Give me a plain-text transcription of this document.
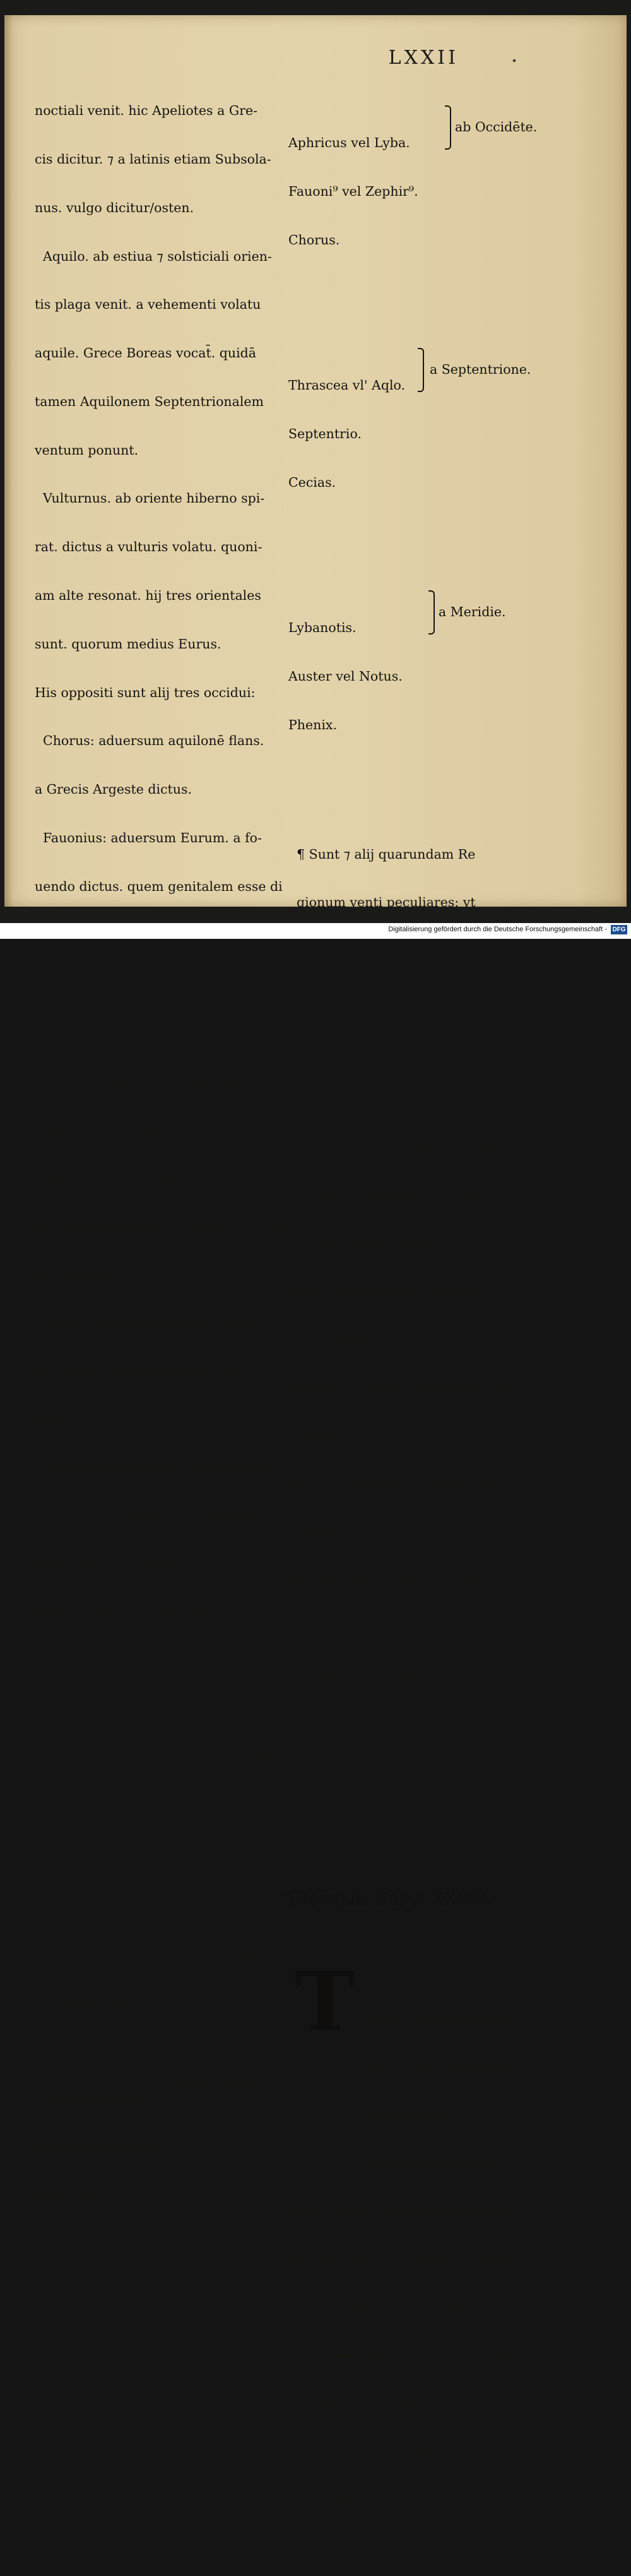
LXXII

noctiali venit. hic Apeliotes a Gre-

cis dicitur. ⁊ a latinis etiam Subsola-

nus. vulgo dicitur/osten.

Aquilo. ab estiua ⁊ solsticiali orien-

tis plaga venit. a vehementi volatu

aquile. Grece Boreas vocat̄. quidā

tamen Aquilonem Septentrionalem

ventum ponunt.

Vulturnus. ab oriente hiberno spi-

rat. dictus a vulturis volatu. quoni-

am alte resonat. hij tres orientales

sunt. quorum medius Eurus.

His oppositi sunt alij tres occidui:

Chorus: aduersum aquilonē flans.

a Grecis Argeste dictus.

Fauonius: aduersum Eurum. a fo-

uendo dictus. quem genitalem esse di

phirus dicitur.

Aphricus: aduersus Vulturnum.

Greci Lyba appellant. Hij vulgo di

cuntur/westen. Hoc modo due iste

regiones celi Orientis Occidentisq̧

sibi inuicem contrarie. sex habere ven-

tos videntur.

Auster autem meridionalis ventus

est. Grece Notus appellatur. Zey.

norden.

Septentrio siue septentrionalis ven

tus. Grece Aparctias. qui a Septen-

trione flat/ von Mitternacht. Zey.

Süden. Addunt quidā adhuc quat

tuor. q̄ duodecim fiant. inter hos

quattuor inserentes: Inter Septen-

trionem. s. ⁊ Occasum solsticialē Thra

sceam: Inter Aquilonem ⁊ exortum

equinoctialem Ceciam. qui nubes ad

se trahit: Inter ortum brumalem ⁊

meridiem Phenica: Inter lyba ⁊ no-

tum Lybanoton.

Aquilo vel Boreas.

Eurus vel Subsolanus

Vulturnus.

ab Oriente.

Aphricus vel Lyba.

Fauoni⁹ vel Zephir⁹.

Chorus.

ab Occidēte.

Thrascea vl' Aqlo.

Septentrio.

Cecias.

a Septentrione.

Lybanotis.

Auster vel Notus.

Phenix.

a Meridie.

¶ Sunt ⁊ alij quarundam Re

gionum venti peculiares: vt

Scyron: Atheniensium.

Circi⁹: in Narbonensi Prouincia.

Iapix. vent⁹ ex Apulia proficiscens

aduersus Eurum flat.

Atabulus alius in Apulia ventus.

Orithia ⁊ Chelidonia: Zephir⁹ est.

¶ De ventis Ouidius sic:

Eurus ad auroram Nabatheaq̧ re

gna recessit

Persidaq̧: ⁊ radijs iuga subdita ma-

tutinis.

Vesper ⁊ occiduo que littore sole te-

pescunt.

Proxima sunt Zephiro: Scythiam

septemq̧ triones

Horrifer inuasit Boreas: contraria

tellus

Nubibus assiduis pluuioq̧ made-

scit ab Austro.

¶Tempus. Caput XXXIX.

T

Empus: certa dimensio:

que ex celi conuersione

colligitur/ zeyt.

Tempus: est interuallū

mundi ⁊ mot⁹: diuisum in partes ali-

quot ab solis ⁊ lune cursu. a quo⁊ te-

nore temperato tempus dictum est.

Dies feminino genere. tempus in-

terminatum: vt multa dies/ zeyt.

Dies masc. horar xij. ⁊ tempus ab

ortu solis vsq̧ ad occasum/ tag.

Digitalisierung gefördert durch die Deutsche Forschungsgemeinschaft - DFG
